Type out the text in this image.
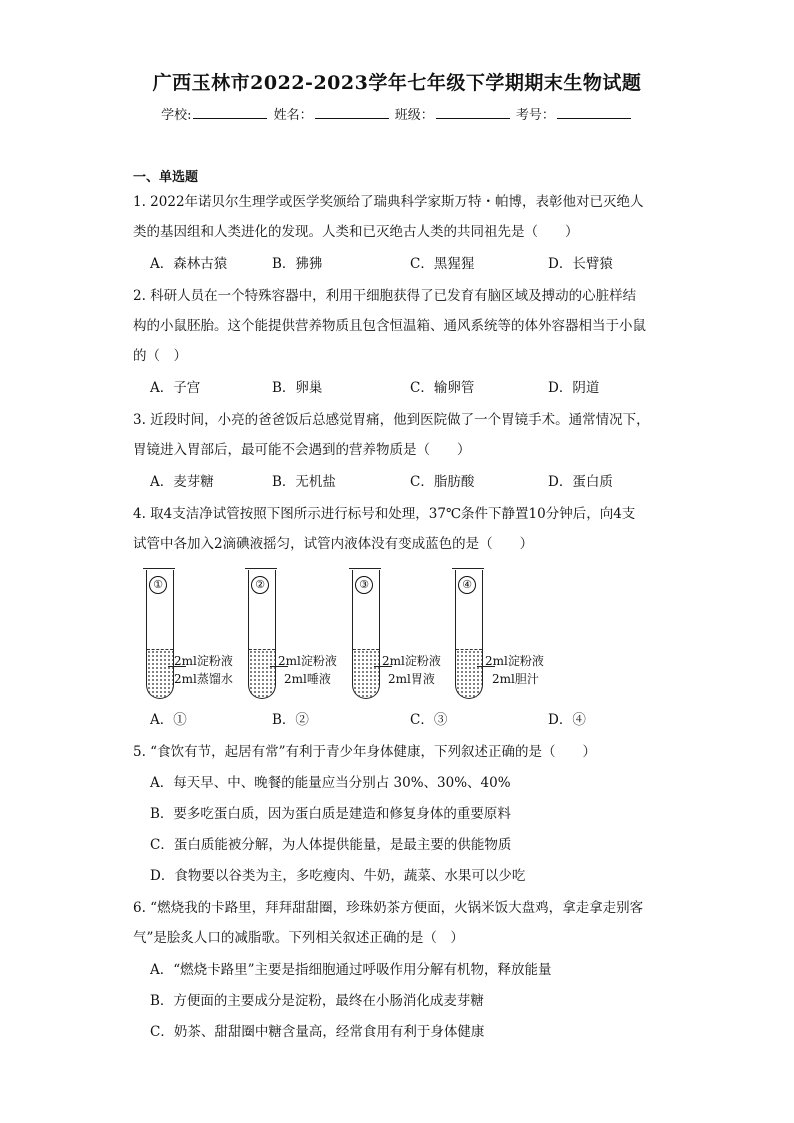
广西玉林市2022-2023学年七年级下学期期末生物试题
学校:	姓名：	班级：	考号：
一、单选题
1. 2022年诺贝尔生理学或医学奖颁给了瑞典科学家斯万特・帕博，表彰他对已灭绝人
类的基因组和人类进化的发现。人类和已灭绝古人类的共同祖先是（　　）
A．森林古猿	B．狒狒	C．黑猩猩	D．长臂猿
2. 科研人员在一个特殊容器中，利用干细胞获得了已发育有脑区域及搏动的心脏样结
构的小鼠胚胎。这个能提供营养物质且包含恒温箱、通风系统等的体外容器相当于小鼠
的（　）
A．子宫	B．卵巢	C．输卵管	D．阴道
3. 近段时间，小亮的爸爸饭后总感觉胃痛，他到医院做了一个胃镜手术。通常情况下，
胃镜进入胃部后，最可能不会遇到的营养物质是（　　）
A．麦芽糖	B．无机盐	C．脂肪酸	D．蛋白质
4. 取4支洁净试管按照下图所示进行标号和处理，37℃条件下静置10分钟后，向4支
试管中各加入2滴碘液摇匀，试管内液体没有变成蓝色的是（　　）
①
2ml淀粉液
2ml蒸馏水
②
2ml淀粉液
2ml唾液
③
2ml淀粉液
2ml胃液
④
2ml淀粉液
2ml胆汁
A．①	B．②	C．③	D．④
5. “食饮有节，起居有常”有利于青少年身体健康，下列叙述正确的是（　　）
A．每天早、中、晚餐的能量应当分别占 30%、30%、40%
B．要多吃蛋白质，因为蛋白质是建造和修复身体的重要原料
C．蛋白质能被分解，为人体提供能量，是最主要的供能物质
D．食物要以谷类为主，多吃瘦肉、牛奶，蔬菜、水果可以少吃
6. “燃烧我的卡路里，拜拜甜甜圈，珍珠奶茶方便面，火锅米饭大盘鸡，拿走拿走别客
气”是脍炙人口的减脂歌。下列相关叙述正确的是（　）
A．“燃烧卡路里”主要是指细胞通过呼吸作用分解有机物，释放能量
B．方便面的主要成分是淀粉，最终在小肠消化成麦芽糖
C．奶茶、甜甜圈中糖含量高，经常食用有利于身体健康
